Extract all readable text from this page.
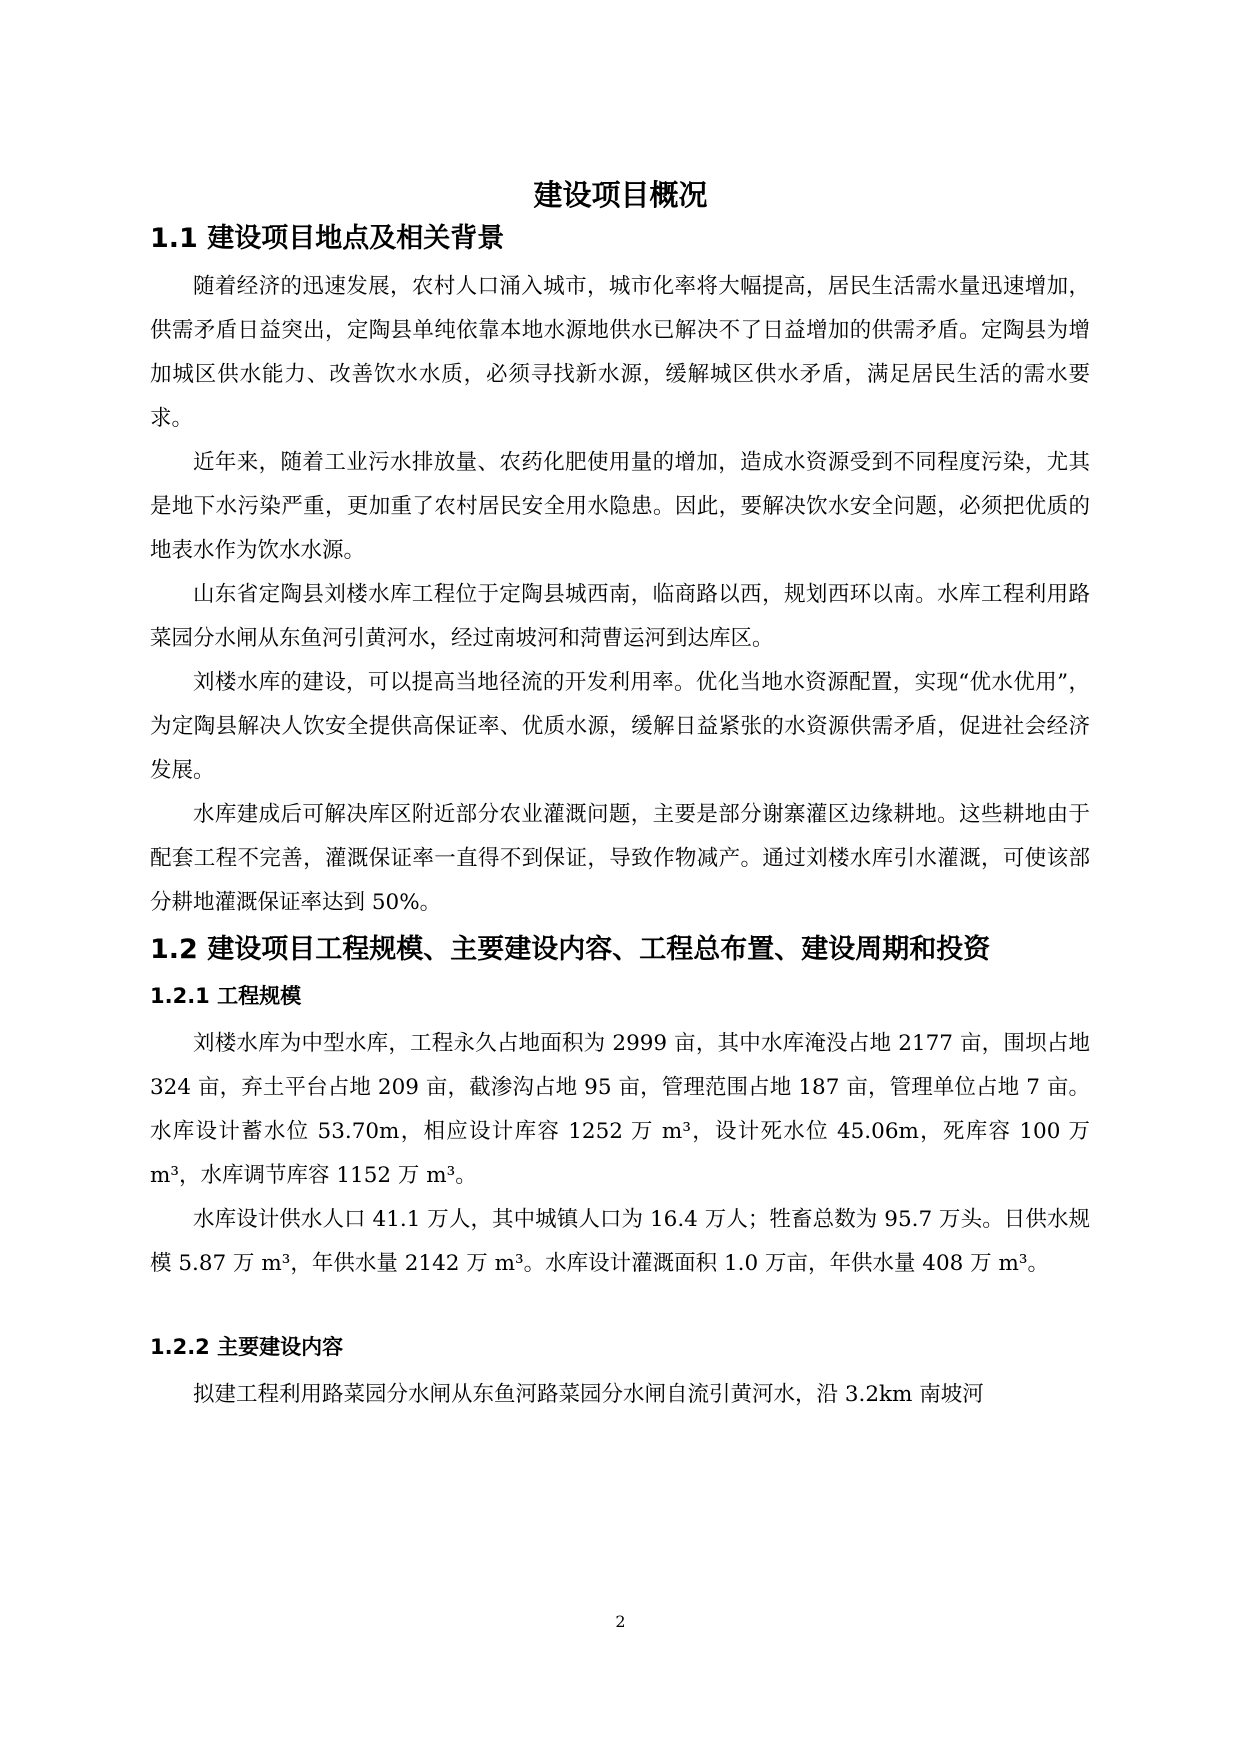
建设项目概况
1.1 建设项目地点及相关背景
随着经济的迅速发展，农村人口涌入城市，城市化率将大幅提高，居民生活需水量迅速增加，供需矛盾日益突出，定陶县单纯依靠本地水源地供水已解决不了日益增加的供需矛盾。定陶县为增加城区供水能力、改善饮水水质，必须寻找新水源，缓解城区供水矛盾，满足居民生活的需水要求。
近年来，随着工业污水排放量、农药化肥使用量的增加，造成水资源受到不同程度污染，尤其是地下水污染严重，更加重了农村居民安全用水隐患。因此，要解决饮水安全问题，必须把优质的地表水作为饮水水源。
山东省定陶县刘楼水库工程位于定陶县城西南，临商路以西，规划西环以南。水库工程利用路菜园分水闸从东鱼河引黄河水，经过南坡河和菏曹运河到达库区。
刘楼水库的建设，可以提高当地径流的开发利用率。优化当地水资源配置，实现“优水优用”，为定陶县解决人饮安全提供高保证率、优质水源，缓解日益紧张的水资源供需矛盾，促进社会经济发展。
水库建成后可解决库区附近部分农业灌溉问题，主要是部分谢寨灌区边缘耕地。这些耕地由于配套工程不完善，灌溉保证率一直得不到保证，导致作物减产。通过刘楼水库引水灌溉，可使该部分耕地灌溉保证率达到 50%。
1.2 建设项目工程规模、主要建设内容、工程总布置、建设周期和投资
1.2.1 工程规模
刘楼水库为中型水库，工程永久占地面积为 2999 亩，其中水库淹没占地 2177 亩，围坝占地 324 亩，弃土平台占地 209 亩，截渗沟占地 95 亩，管理范围占地 187 亩，管理单位占地 7 亩。水库设计蓄水位 53.70m，相应设计库容 1252 万 m³，设计死水位 45.06m，死库容 100 万 m³，水库调节库容 1152 万 m³。
水库设计供水人口 41.1 万人，其中城镇人口为 16.4 万人；牲畜总数为 95.7 万头。日供水规模 5.87 万 m³，年供水量 2142 万 m³。水库设计灌溉面积 1.0 万亩，年供水量 408 万 m³。
1.2.2 主要建设内容
拟建工程利用路菜园分水闸从东鱼河路菜园分水闸自流引黄河水，沿 3.2km 南坡河
2
